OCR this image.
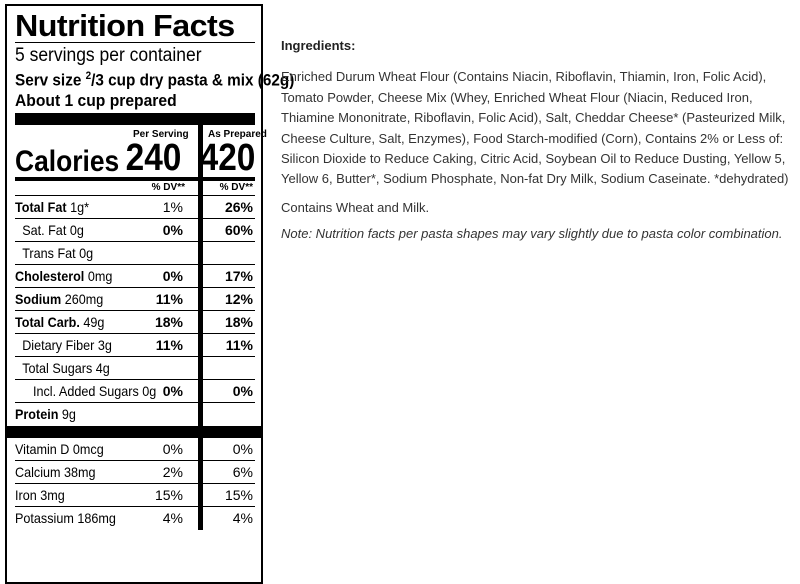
Nutrition Facts
5 servings per container
Serv size $^2$/3 cup dry pasta & mix (62g)
About 1 cup prepared
Per Serving As Prepared
Calories 240 420
% DV**	% DV**
Total Fat 1g*	1%	26%
Sat. Fat 0g	0%	60%
Trans Fat 0g
Cholesterol 0mg	0%	17%
Sodium 260mg	11%	12%
Total Carb. 49g	18%	18%
Dietary Fiber 3g	11%	11%
Total Sugars 4g
Incl. Added Sugars 0g 0%	0%
Protein 9g
Vitamin D 0mcg	0%	0%
Calcium 38mg	2%	6%
Iron 3mg	15%	15%
Potassium 186mg	4%	4%
Ingredients:

Enriched Durum Wheat Flour (Contains Niacin, Riboflavin, Thiamin, Iron, Folic Acid), Tomato Powder, Cheese Mix (Whey, Enriched Wheat Flour (Niacin, Reduced Iron, Thiamine Mononitrate, Riboflavin, Folic Acid), Salt, Cheddar Cheese* (Pasteurized Milk, Cheese Culture, Salt, Enzymes), Food Starch-modified (Corn), Contains 2% or Less of: Silicon Dioxide to Reduce Caking, Citric Acid, Soybean Oil to Reduce Dusting, Yellow 5, Yellow 6, Butter*, Sodium Phosphate, Non-fat Dry Milk, Sodium Caseinate. *dehydrated)

Contains Wheat and Milk.

Note: Nutrition facts per pasta shapes may vary slightly due to pasta color combination.
